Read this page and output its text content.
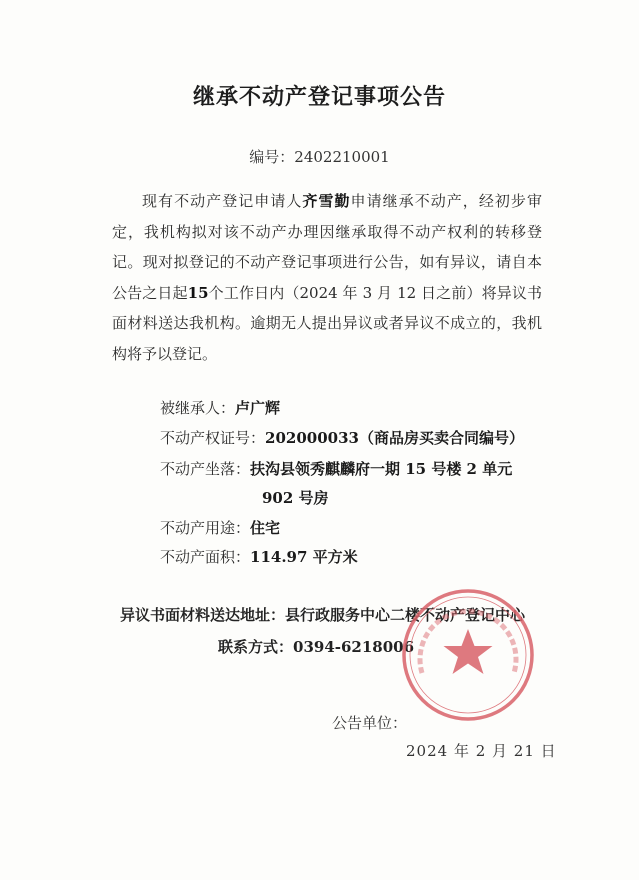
继承不动产登记事项公告
编号：2402210001

现有不动产登记申请人齐雪勤申请继承不动产，经初步审定，我机构拟对该不动产办理因继承取得不动产权利的转移登记。现对拟登记的不动产登记事项进行公告，如有异议，请自本公告之日起15个工作日内（2024 年 3 月 12 日之前）将异议书面材料送达我机构。逾期无人提出异议或者异议不成立的，我机构将予以登记。

被继承人：卢广辉
不动产权证号：202000033（商品房买卖合同编号）
不动产坐落：扶沟县领秀麒麟府一期 15 号楼 2 单元
902 号房
不动产用途：住宅
不动产面积：114.97 平方米
异议书面材料送达地址：县行政服务中心二楼不动产登记中心
联系方式：0394-6218006
公告单位：
2024 年 2 月 21 日
